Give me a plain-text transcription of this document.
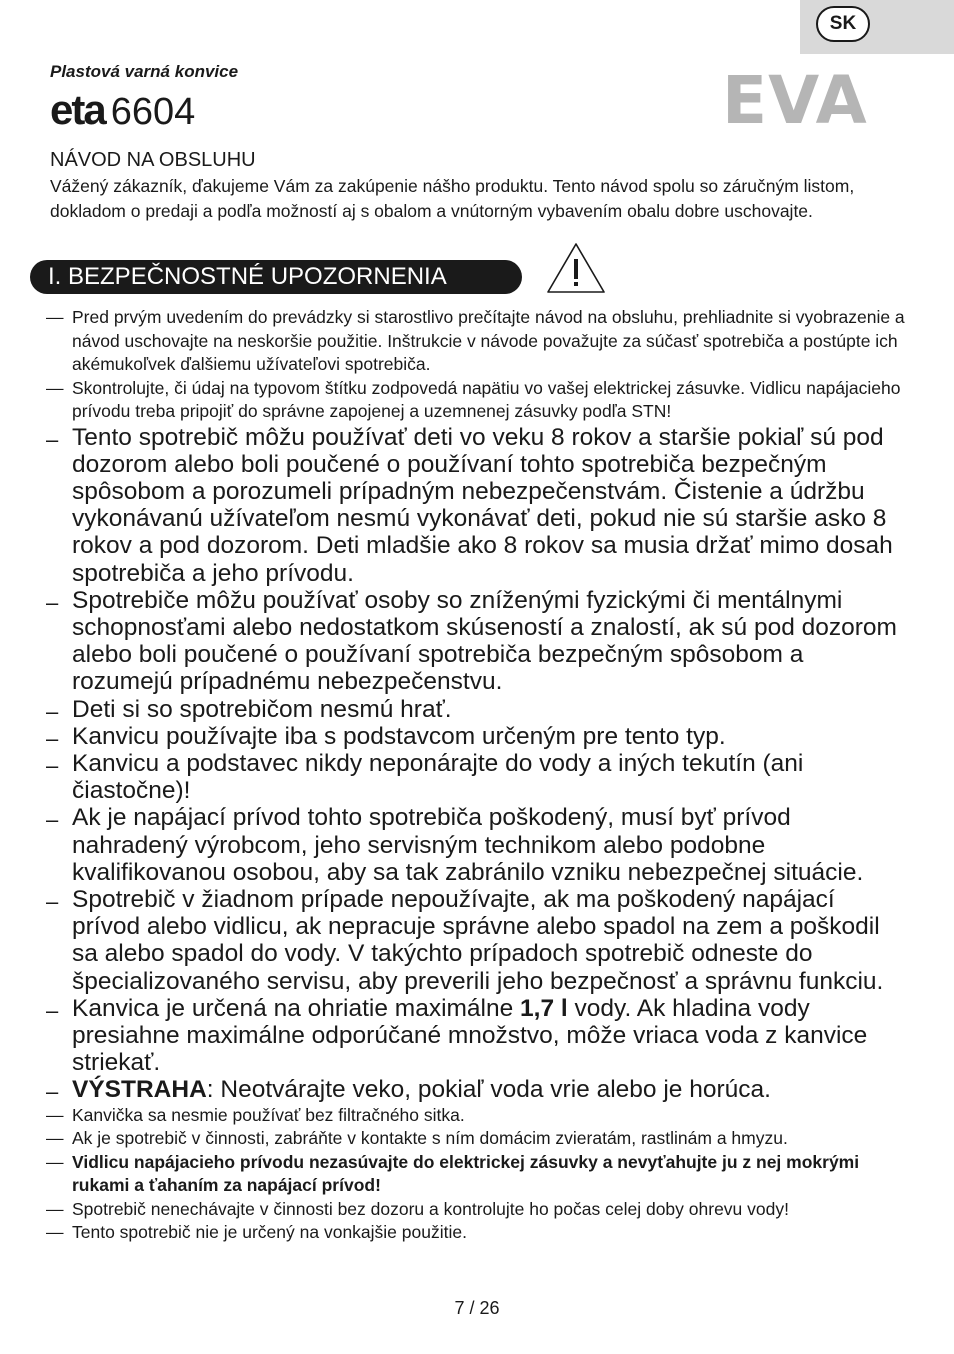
SK
Plastová varná konvice
eta 6604	EVA
NÁVOD NA OBSLUHU
Vážený zákazník, ďakujeme Vám za zakúpenie nášho produktu. Tento návod spolu so záručným listom, dokladom o predaji a podľa možností aj s obalom a vnútorným vybavením obalu dobre uschovajte.
I. BEZPEČNOSTNÉ UPOZORNENIA
— Pred prvým uvedením do prevádzky si starostlivo prečítajte návod na obsluhu, prehliadnite si vyobrazenie a návod uschovajte na neskoršie použitie. Inštrukcie v návode považujte za súčasť spotrebiča a postúpte ich akémukoľvek ďalšiemu užívateľovi spotrebiča.
— Skontrolujte, či údaj na typovom štítku zodpovedá napätiu vo vašej elektrickej zásuvke. Vidlicu napájacieho prívodu treba pripojiť do správne zapojenej a uzemnenej zásuvky podľa STN!
– Tento spotrebič môžu používať deti vo veku 8 rokov a staršie pokiaľ sú pod dozorom alebo boli poučené o používaní tohto spotrebiča bezpečným spôsobom a porozumeli prípadným nebezpečenstvám. Čistenie a údržbu vykonávanú užívateľom nesmú vykonávať deti, pokud nie sú staršie asko 8 rokov a pod dozorom. Deti mladšie ako 8 rokov sa musia držať mimo dosah spotrebiča a jeho prívodu.
– Spotrebiče môžu používať osoby so zníženými fyzickými či mentálnymi schopnosťami alebo nedostatkom skúseností a znalostí, ak sú pod dozorom alebo boli poučené o používaní spotrebiča bezpečným spôsobom a rozumejú prípadnému nebezpečenstvu.
– Deti si so spotrebičom nesmú hrať.
– Kanvicu používajte iba s podstavcom určeným pre tento typ.
– Kanvicu a podstavec nikdy neponárajte do vody a iných tekutín (ani čiastočne)!
– Ak je napájací prívod tohto spotrebiča poškodený, musí byť prívod nahradený výrobcom, jeho servisným technikom alebo podobne kvalifikovanou osobou, aby sa tak zabránilo vzniku nebezpečnej situácie.
– Spotrebič v žiadnom prípade nepoužívajte, ak ma poškodený napájací prívod alebo vidlicu, ak nepracuje správne alebo spadol na zem a poškodil sa alebo spadol do vody. V takýchto prípadoch spotrebič odneste do špecializovaného servisu, aby preverili jeho bezpečnosť a správnu funkciu.
– Kanvica je určená na ohriatie maximálne 1,7 l vody. Ak hladina vody presiahne maximálne odporúčané množstvo, môže vriaca voda z kanvice striekať.
– VÝSTRAHA: Neotvárajte veko, pokiaľ voda vrie alebo je horúca.
— Kanvička sa nesmie používať bez filtračného sitka.
— Ak je spotrebič v činnosti, zabráňte v kontakte s ním domácim zvieratám, rastlinám a hmyzu.
— Vidlicu napájacieho prívodu nezasúvajte do elektrickej zásuvky a nevyťahujte ju z nej mokrými rukami a ťahaním za napájací prívod!
— Spotrebič nenechávajte v činnosti bez dozoru a kontrolujte ho počas celej doby ohrevu vody!
— Tento spotrebič nie je určený na vonkajšie použitie.
7 / 26
